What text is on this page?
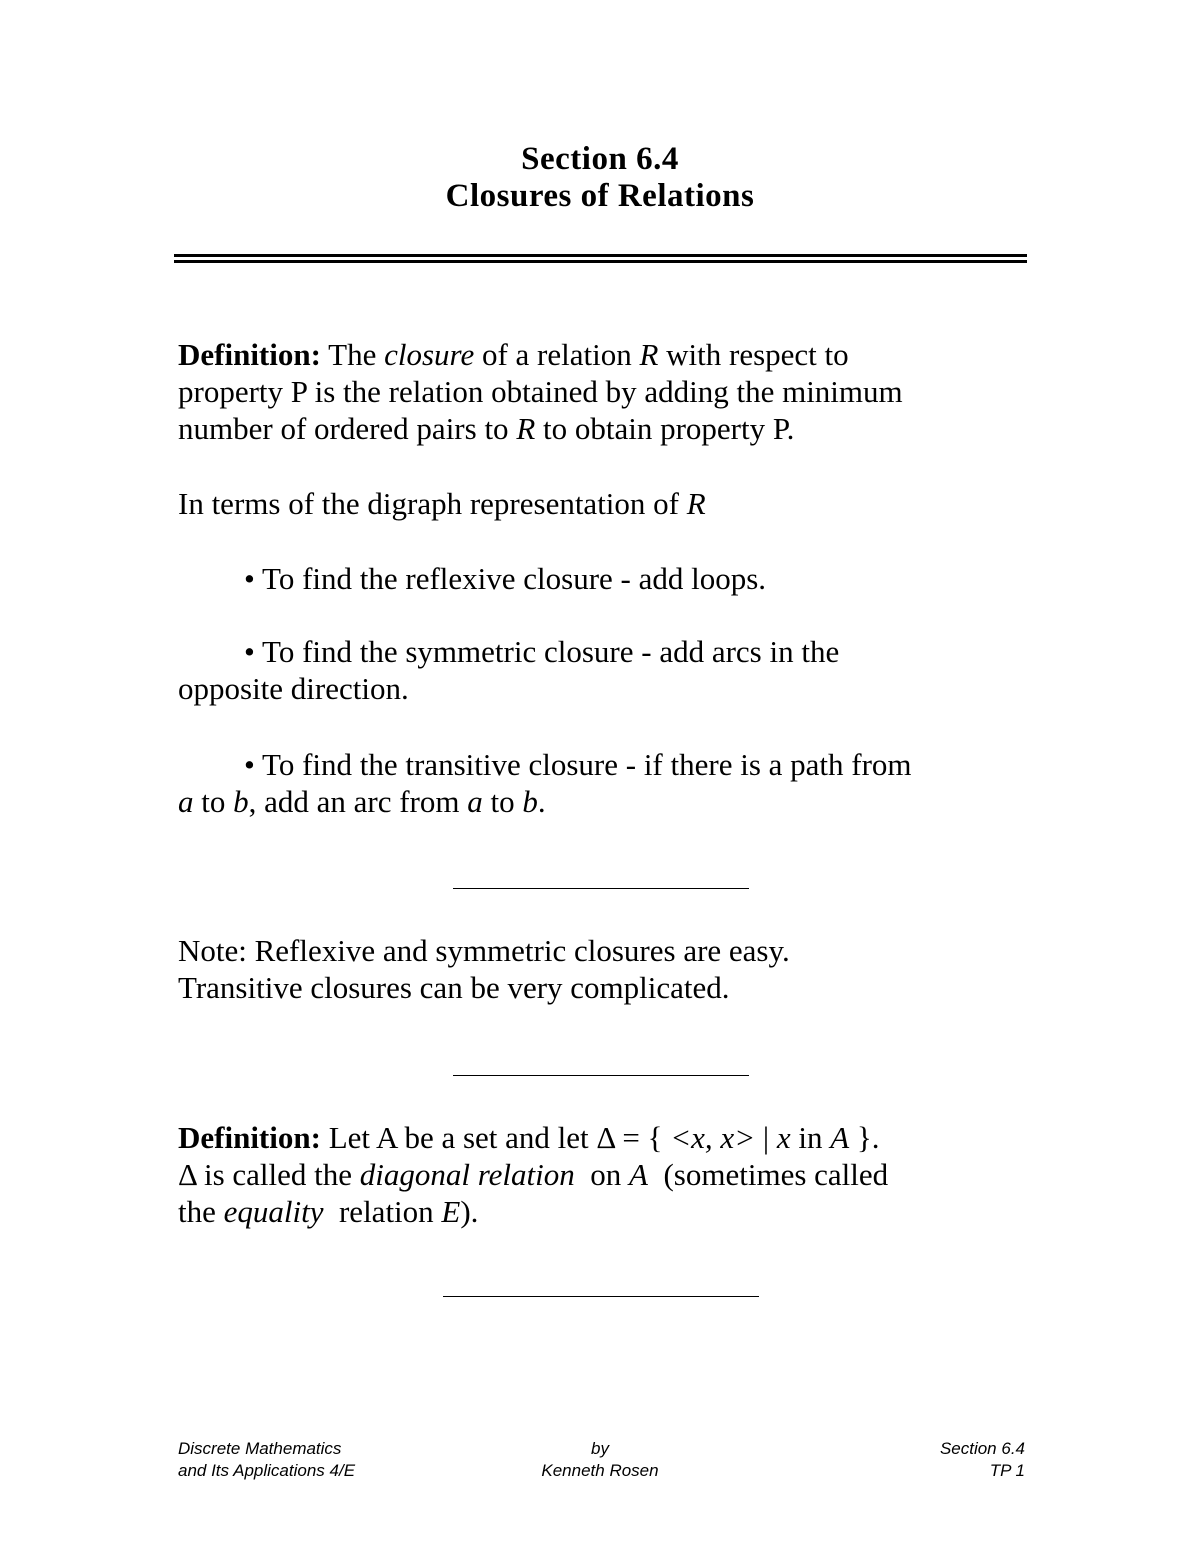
Section 6.4
Closures of Relations
Definition: The closure of a relation R with respect to
property P is the relation obtained by adding the minimum
number of ordered pairs to R to obtain property P.
In terms of the digraph representation of R
• To find the reflexive closure - add loops.
• To find the symmetric closure - add arcs in the
opposite direction.
• To find the transitive closure - if there is a path from
a to b, add an arc from a to b.
Note: Reflexive and symmetric closures are easy.
Transitive closures can be very complicated.
Definition: Let A be a set and let Δ = { <x, x> | x in A }.
Δ is called the diagonal relation on A (sometimes called
the equality relation E).
Discrete Mathematics
and Its Applications 4/E
by
Kenneth Rosen
Section 6.4
TP 1
